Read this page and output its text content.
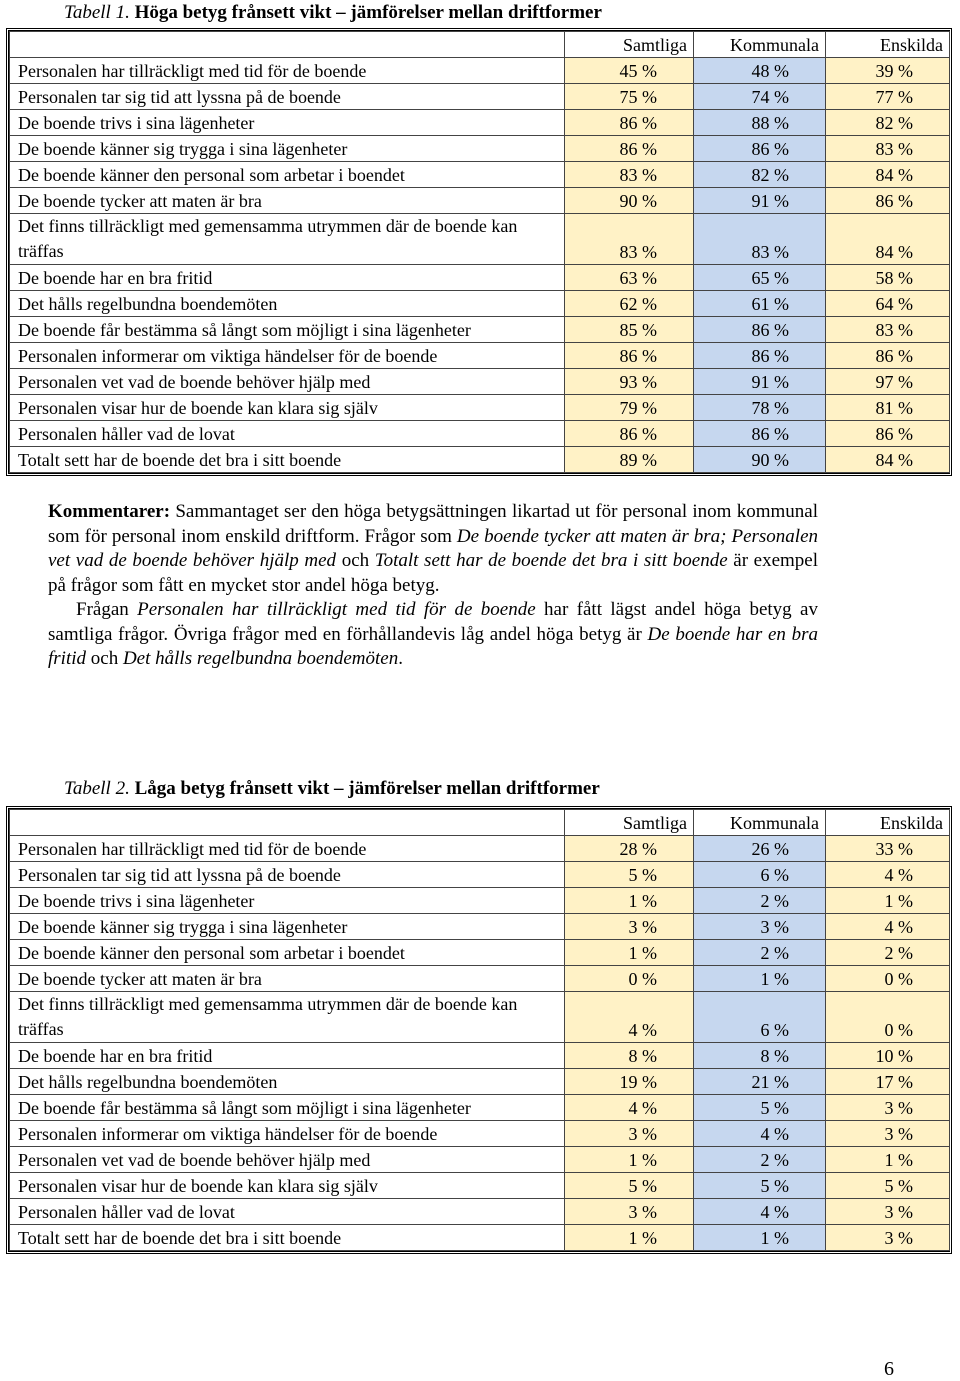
Tabell 1. Höga betyg frånsett vikt – jämförelser mellan driftformer
	Samtliga	Kommunala	Enskilda
Personalen har tillräckligt med tid för de boende	45 %	48 %	39 %
Personalen tar sig tid att lyssna på de boende	75 %	74 %	77 %
De boende trivs i sina lägenheter	86 %	88 %	82 %
De boende känner sig trygga i sina lägenheter	86 %	86 %	83 %
De boende känner den personal som arbetar i boendet	83 %	82 %	84 %
De boende tycker att maten är bra	90 %	91 %	86 %
Det finns tillräckligt med gemensamma utrymmen där de boende kan träffas	83 %	83 %	84 %
De boende har en bra fritid	63 %	65 %	58 %
Det hålls regelbundna boendemöten	62 %	61 %	64 %
De boende får bestämma så långt som möjligt i sina lägenheter	85 %	86 %	83 %
Personalen informerar om viktiga händelser för de boende	86 %	86 %	86 %
Personalen vet vad de boende behöver hjälp med	93 %	91 %	97 %
Personalen visar hur de boende kan klara sig själv	79 %	78 %	81 %
Personalen håller vad de lovat	86 %	86 %	86 %
Totalt sett har de boende det bra i sitt boende	89 %	90 %	84 %

Kommentarer: Sammantaget ser den höga betygsättningen likartad ut för personal inom kommunal som för personal inom enskild driftform. Frågor som De boende tycker att maten är bra; Personalen vet vad de boende behöver hjälp med och Totalt sett har de boende det bra i sitt boende är exempel på frågor som fått en mycket stor andel höga betyg.

Frågan Personalen har tillräckligt med tid för de boende har fått lägst andel höga betyg av samtliga frågor. Övriga frågor med en förhållandevis låg andel höga betyg är De boende har en bra fritid och Det hålls regelbundna boendemöten.

Tabell 2. Låga betyg frånsett vikt – jämförelser mellan driftformer
	Samtliga	Kommunala	Enskilda
Personalen har tillräckligt med tid för de boende	28 %	26 %	33 %
Personalen tar sig tid att lyssna på de boende	5 %	6 %	4 %
De boende trivs i sina lägenheter	1 %	2 %	1 %
De boende känner sig trygga i sina lägenheter	3 %	3 %	4 %
De boende känner den personal som arbetar i boendet	1 %	2 %	2 %
De boende tycker att maten är bra	0 %	1 %	0 %
Det finns tillräckligt med gemensamma utrymmen där de boende kan träffas	4 %	6 %	0 %
De boende har en bra fritid	8 %	8 %	10 %
Det hålls regelbundna boendemöten	19 %	21 %	17 %
De boende får bestämma så långt som möjligt i sina lägenheter	4 %	5 %	3 %
Personalen informerar om viktiga händelser för de boende	3 %	4 %	3 %
Personalen vet vad de boende behöver hjälp med	1 %	2 %	1 %
Personalen visar hur de boende kan klara sig själv	5 %	5 %	5 %
Personalen håller vad de lovat	3 %	4 %	3 %
Totalt sett har de boende det bra i sitt boende	1 %	1 %	3 %
6
